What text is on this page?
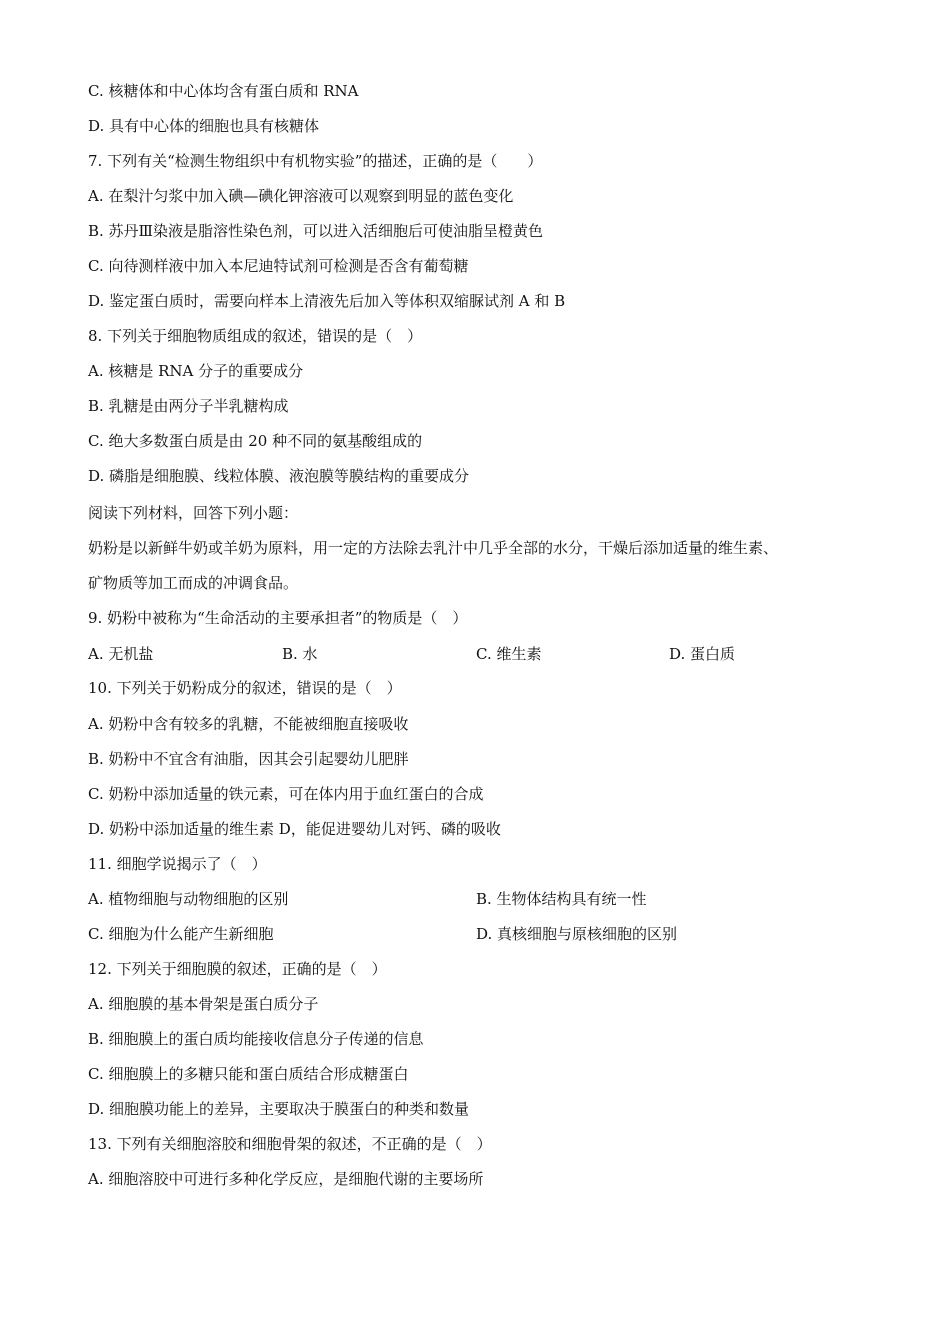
C. 核糖体和中心体均含有蛋白质和 RNA
D. 具有中心体的细胞也具有核糖体
7. 下列有关“检测生物组织中有机物实验”的描述，正确的是（　　）
A. 在梨汁匀浆中加入碘—碘化钾溶液可以观察到明显的蓝色变化
B. 苏丹Ⅲ染液是脂溶性染色剂，可以进入活细胞后可使油脂呈橙黄色
C. 向待测样液中加入本尼迪特试剂可检测是否含有葡萄糖
D. 鉴定蛋白质时，需要向样本上清液先后加入等体积双缩脲试剂 A 和 B
8. 下列关于细胞物质组成的叙述，错误的是（　）
A. 核糖是 RNA 分子的重要成分
B. 乳糖是由两分子半乳糖构成
C. 绝大多数蛋白质是由 20 种不同的氨基酸组成的
D. 磷脂是细胞膜、线粒体膜、液泡膜等膜结构的重要成分
阅读下列材料，回答下列小题：
奶粉是以新鲜牛奶或羊奶为原料，用一定的方法除去乳汁中几乎全部的水分，干燥后添加适量的维生素、
矿物质等加工而成的冲调食品。
9. 奶粉中被称为“生命活动的主要承担者”的物质是（　）
A. 无机盐	B. 水	C. 维生素	D. 蛋白质
10. 下列关于奶粉成分的叙述，错误的是（　）
A. 奶粉中含有较多的乳糖，不能被细胞直接吸收
B. 奶粉中不宜含有油脂，因其会引起婴幼儿肥胖
C. 奶粉中添加适量的铁元素，可在体内用于血红蛋白的合成
D. 奶粉中添加适量的维生素 D，能促进婴幼儿对钙、磷的吸收
11. 细胞学说揭示了（　）
A. 植物细胞与动物细胞的区别	B. 生物体结构具有统一性
C. 细胞为什么能产生新细胞	D. 真核细胞与原核细胞的区别
12. 下列关于细胞膜的叙述，正确的是（　）
A. 细胞膜的基本骨架是蛋白质分子
B. 细胞膜上的蛋白质均能接收信息分子传递的信息
C. 细胞膜上的多糖只能和蛋白质结合形成糖蛋白
D. 细胞膜功能上的差异，主要取决于膜蛋白的种类和数量
13. 下列有关细胞溶胶和细胞骨架的叙述，不正确的是（　）
A. 细胞溶胶中可进行多种化学反应，是细胞代谢的主要场所
